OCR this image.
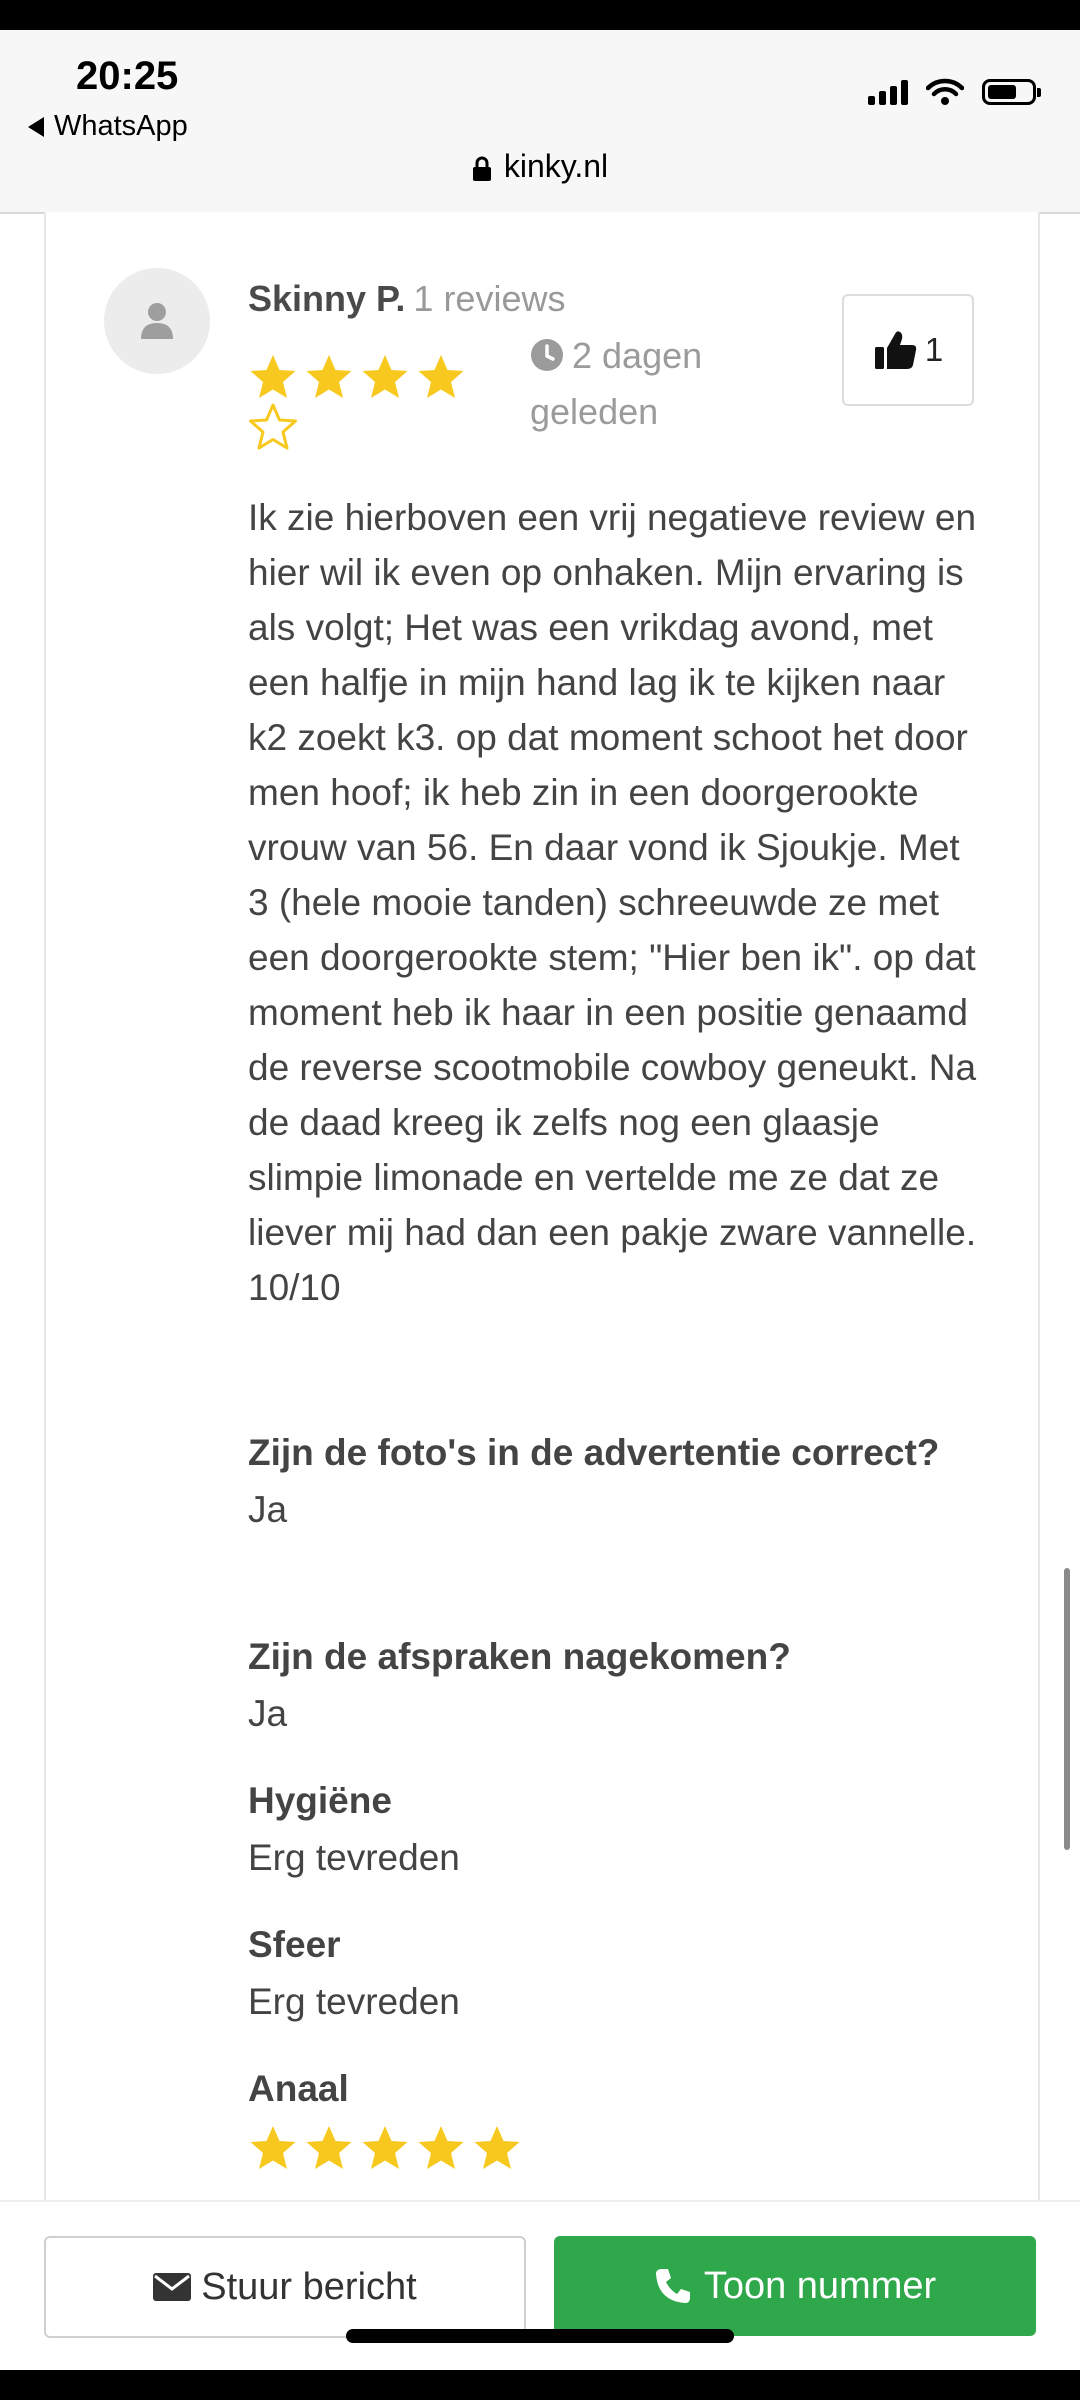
20:25
WhatsApp
kinky.nl
Skinny P. 1 reviews
2 dagen geleden
1
Ik zie hierboven een vrij negatieve review en hier wil ik even op onhaken. Mijn ervaring is als volgt; Het was een vrikdag avond, met een halfje in mijn hand lag ik te kijken naar k2 zoekt k3. op dat moment schoot het door men hoof; ik heb zin in een doorgerookte vrouw van 56. En daar vond ik Sjoukje. Met 3 (hele mooie tanden) schreeuwde ze met een doorgerookte stem; "Hier ben ik". op dat moment heb ik haar in een positie genaamd de reverse scootmobile cowboy geneukt. Na de daad kreeg ik zelfs nog een glaasje slimpie limonade en vertelde me ze dat ze liever mij had dan een pakje zware vannelle. 10/10
Zijn de foto's in de advertentie correct?
Ja
Zijn de afspraken nagekomen?
Ja
Hygiëne
Erg tevreden
Sfeer
Erg tevreden
Anaal
Stuur bericht	Toon nummer
